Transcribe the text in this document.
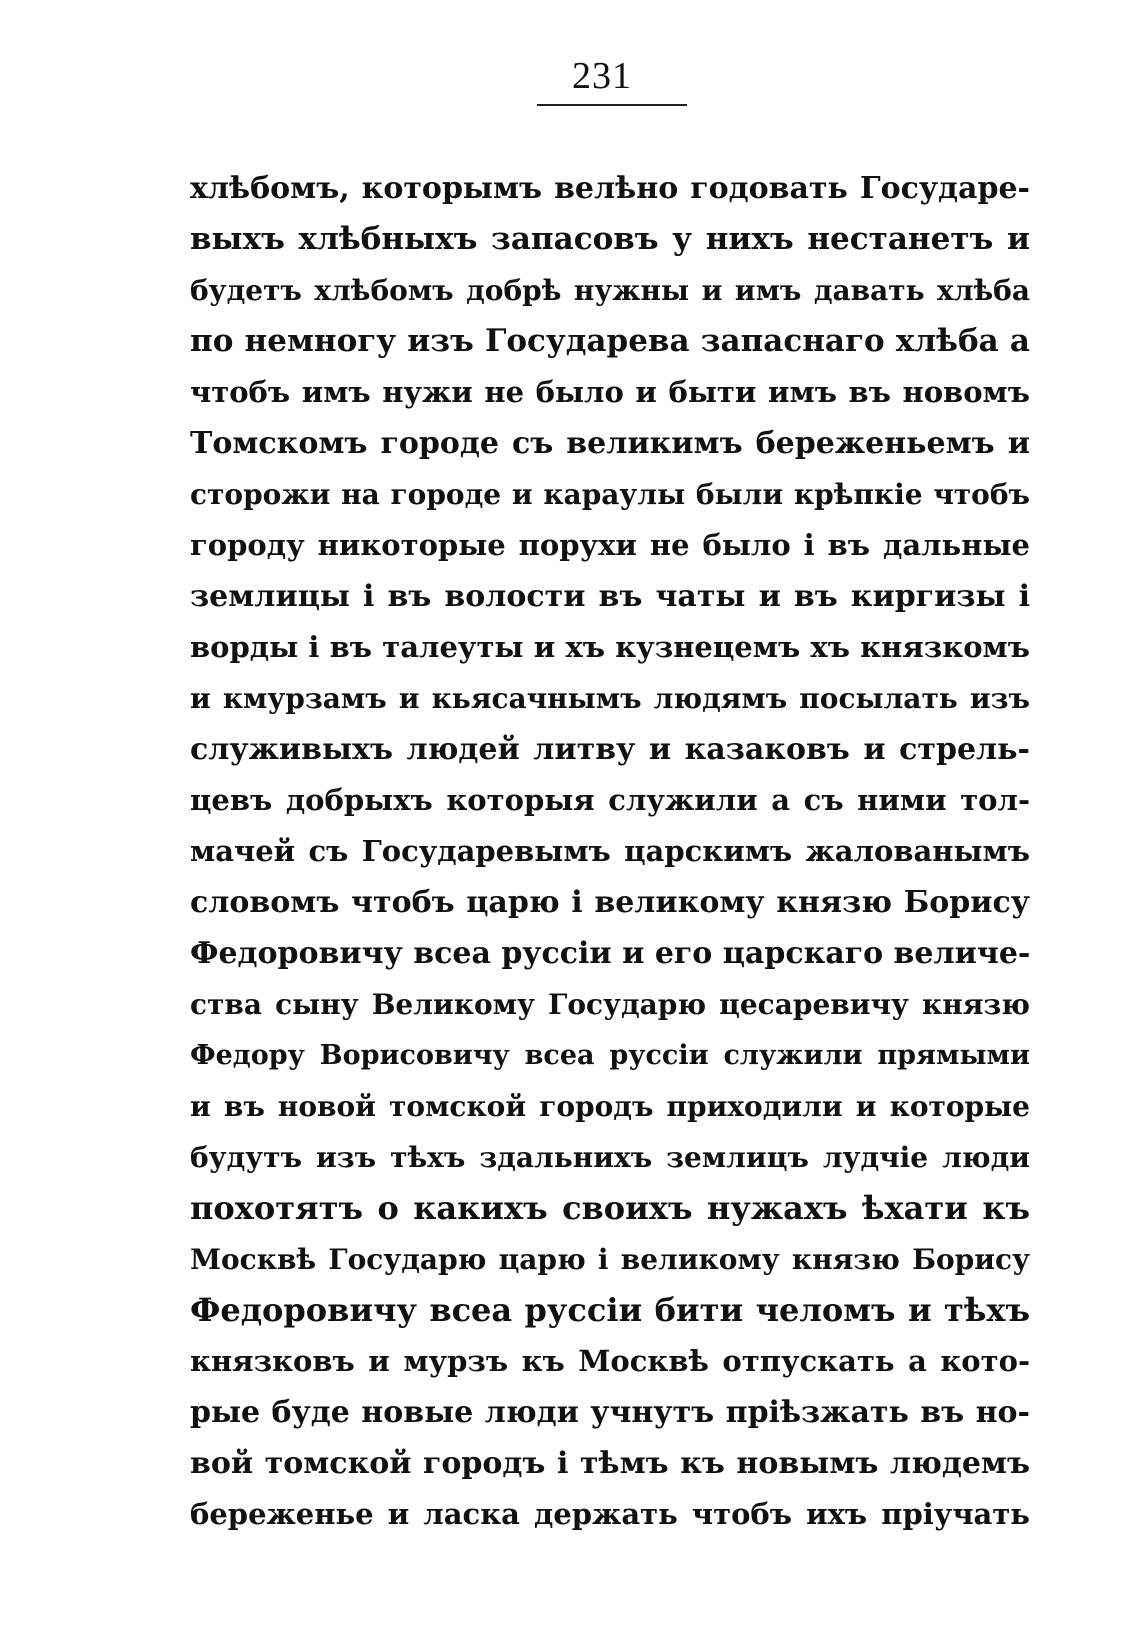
231
хлѣбомъ, которымъ велѣно годовать Государе-
выхъ хлѣбныхъ запасовъ у нихъ нестанетъ и
будетъ хлѣбомъ добрѣ нужны и имъ давать хлѣба
по немногу изъ Государева запаснаго хлѣба а
чтобъ имъ нужи не было и быти имъ въ новомъ
Томскомъ городе съ великимъ береженьемъ и
сторожи на городе и караулы были крѣпкіе чтобъ
городу никоторые порухи не было і въ дальные
землицы і въ волости въ чаты и въ киргизы і
ворды і въ талеуты и хъ кузнецемъ хъ князкомъ
и кмурзамъ и кьясачнымъ людямъ посылать изъ
служивыхъ людей литву и казаковъ и стрель-
цевъ добрыхъ которыя служили а съ ними тол-
мачей съ Государевымъ царскимъ жалованымъ
словомъ чтобъ царю і великому князю Борису
Федоровичу всеа руссіи и его царскаго величе-
ства сыну Великому Государю цесаревичу князю
Федору Ворисовичу всеа руссіи служили прямыми
и въ новой томской городъ приходили и которые
будутъ изъ тѣхъ здальнихъ землицъ лудчіе люди
похотятъ о какихъ своихъ нужахъ ѣхати къ
Москвѣ Государю царю і великому князю Борису
Федоровичу всеа руссіи бити челомъ и тѣхъ
князковъ и мурзъ къ Москвѣ отпускать а кото-
рые буде новые люди учнутъ пріѣзжать въ но-
вой томской городъ і тѣмъ къ новымъ людемъ
береженье и ласка держать чтобъ ихъ пріучать
